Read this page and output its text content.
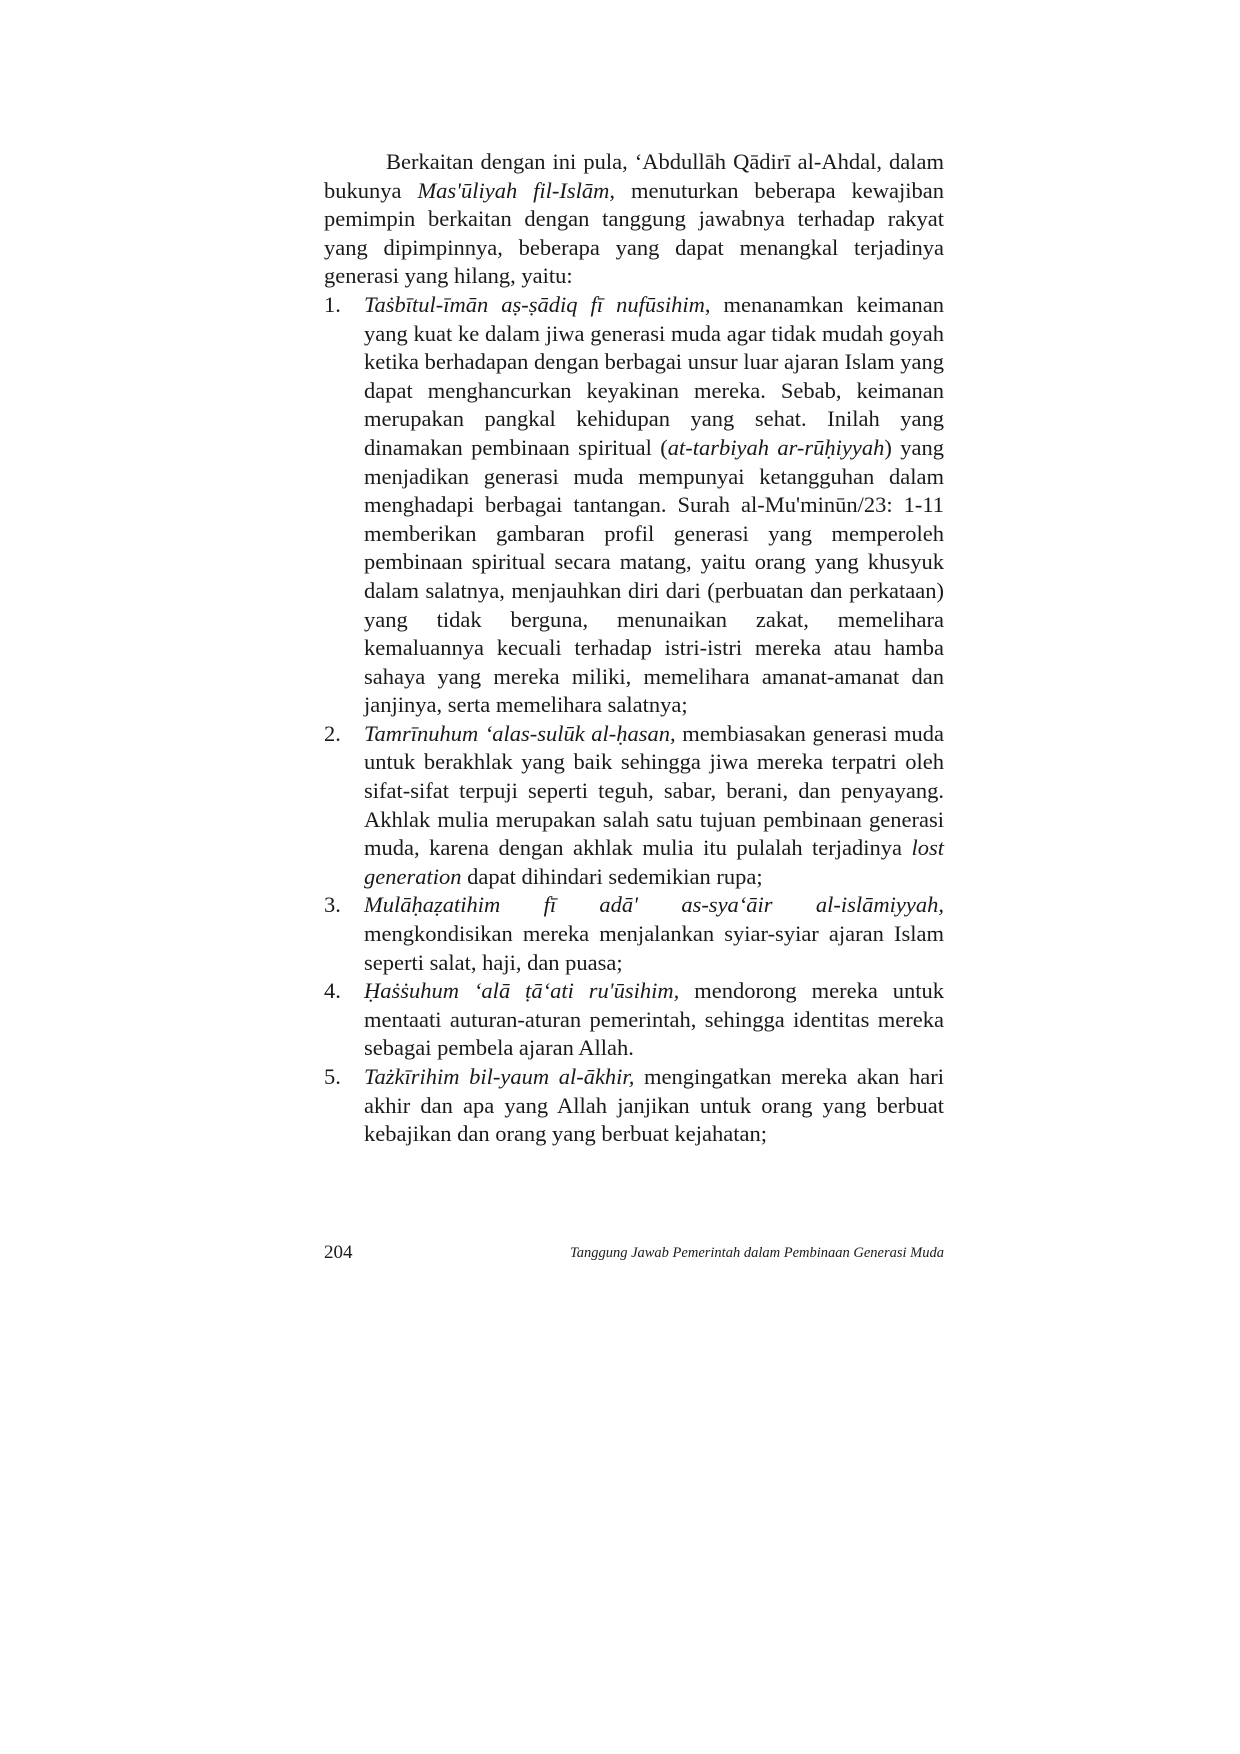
Berkaitan dengan ini pula, ‘Abdullāh Qādirī al-Ahdal, dalam bukunya Mas'ūliyah fil-Islām, menuturkan beberapa kewajiban pemimpin berkaitan dengan tanggung jawabnya terhadap rakyat yang dipimpinnya, beberapa yang dapat menangkal terjadinya generasi yang hilang, yaitu:

1.	Taṡbītul-īmān aṣ-ṣādiq fī nufūsihim, menanamkan keimanan yang kuat ke dalam jiwa generasi muda agar tidak mudah goyah ketika berhadapan dengan berbagai unsur luar ajaran Islam yang dapat menghancurkan keyakinan mereka. Sebab, keimanan merupakan pangkal kehidupan yang sehat. Inilah yang dinamakan pembinaan spiritual (at-tarbiyah ar-rūḥiyyah) yang menjadikan generasi muda mempunyai ketangguhan dalam menghadapi berbagai tantangan. Surah al-Mu'minūn/23: 1-11 memberikan gambaran profil generasi yang memperoleh pembinaan spiritual secara matang, yaitu orang yang khusyuk dalam salatnya, menjauhkan diri dari (perbuatan dan perkataan) yang tidak berguna, menunaikan zakat, memelihara kemaluannya kecuali terhadap istri-istri mereka atau hamba sahaya yang mereka miliki, memelihara amanat-amanat dan janjinya, serta memelihara salatnya;
2.	Tamrīnuhum ‘alas-sulūk al-ḥasan, membiasakan generasi muda untuk berakhlak yang baik sehingga jiwa mereka terpatri oleh sifat-sifat terpuji seperti teguh, sabar, berani, dan penyayang. Akhlak mulia merupakan salah satu tujuan pembinaan generasi muda, karena dengan akhlak mulia itu pulalah terjadinya lost generation dapat dihindari sedemikian rupa;
3.	Mulāḥaẓatihim fī adā' as-sya‘āir al-islāmiyyah, mengkondisikan mereka menjalankan syiar-syiar ajaran Islam seperti salat, haji, dan puasa;
4.	Ḥaṡṡuhum ‘alā ṭā‘ati ru'ūsihim, mendorong mereka untuk mentaati auturan-aturan pemerintah, sehingga identitas mereka sebagai pembela ajaran Allah.
5.	Tażkīrihim bil-yaum al-ākhir, mengingatkan mereka akan hari akhir dan apa yang Allah janjikan untuk orang yang berbuat kebajikan dan orang yang berbuat kejahatan;
204	Tanggung Jawab Pemerintah dalam Pembinaan Generasi Muda
